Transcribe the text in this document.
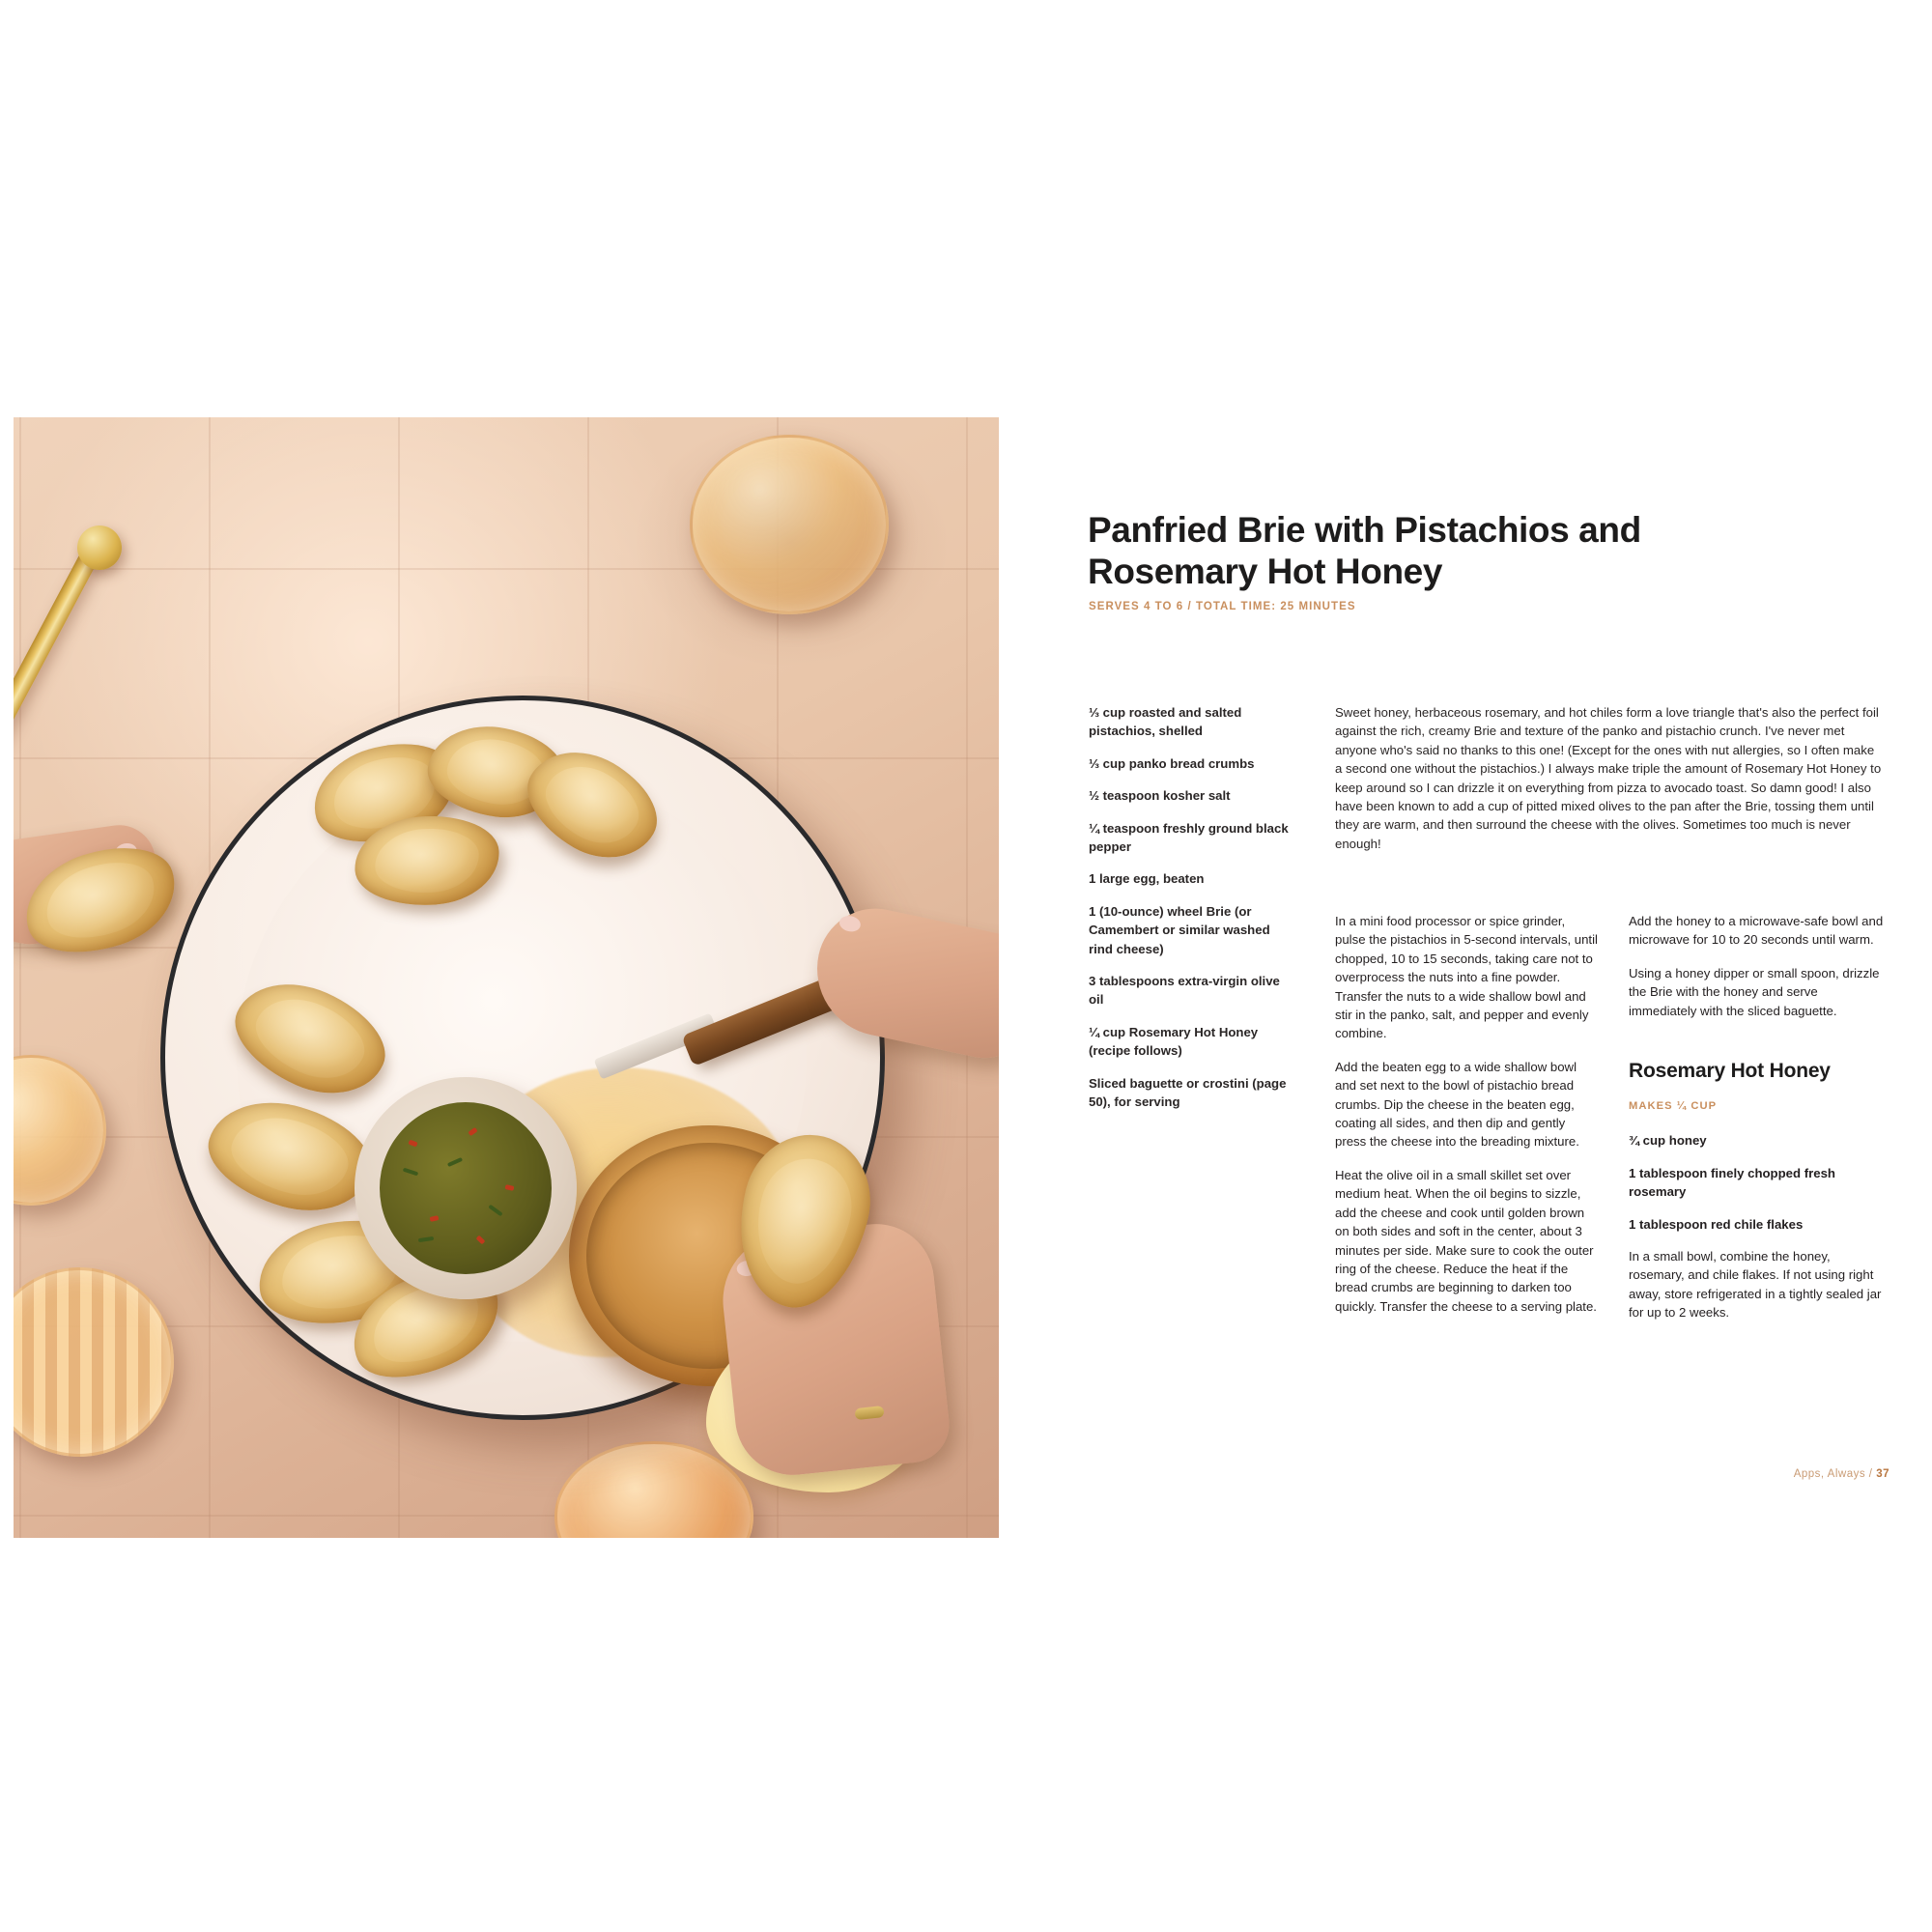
Panfried Brie with Pistachios and Rosemary Hot Honey
SERVES 4 TO 6 / TOTAL TIME: 25 MINUTES
⅓ cup roasted and salted pistachios, shelled
⅓ cup panko bread crumbs
½ teaspoon kosher salt
¼ teaspoon freshly ground black pepper
1 large egg, beaten
1 (10-ounce) wheel Brie (or Camembert or similar washed rind cheese)
3 tablespoons extra-virgin olive oil
¼ cup Rosemary Hot Honey (recipe follows)
Sliced baguette or crostini (page 50), for serving

Sweet honey, herbaceous rosemary, and hot chiles form a love triangle that's also the perfect foil against the rich, creamy Brie and texture of the panko and pistachio crunch. I've never met anyone who's said no thanks to this one! (Except for the ones with nut allergies, so I often make a second one without the pistachios.) I always make triple the amount of Rosemary Hot Honey to keep around so I can drizzle it on everything from pizza to avocado toast. So damn good! I also have been known to add a cup of pitted mixed olives to the pan after the Brie, tossing them until they are warm, and then surround the cheese with the olives. Sometimes too much is never enough!

In a mini food processor or spice grinder, pulse the pistachios in 5-second intervals, until chopped, 10 to 15 seconds, taking care not to overprocess the nuts into a fine powder. Transfer the nuts to a wide shallow bowl and stir in the panko, salt, and pepper and evenly combine.

Add the beaten egg to a wide shallow bowl and set next to the bowl of pistachio bread crumbs. Dip the cheese in the beaten egg, coating all sides, and then dip and gently press the cheese into the breading mixture.

Heat the olive oil in a small skillet set over medium heat. When the oil begins to sizzle, add the cheese and cook until golden brown on both sides and soft in the center, about 3 minutes per side. Make sure to cook the outer ring of the cheese. Reduce the heat if the bread crumbs are beginning to darken too quickly. Transfer the cheese to a serving plate.

Add the honey to a microwave-safe bowl and microwave for 10 to 20 seconds until warm.

Using a honey dipper or small spoon, drizzle the Brie with the honey and serve immediately with the sliced baguette.

Rosemary Hot Honey
MAKES ¼ CUP
¾ cup honey
1 tablespoon finely chopped fresh rosemary
1 tablespoon red chile flakes

In a small bowl, combine the honey, rosemary, and chile flakes. If not using right away, store refrigerated in a tightly sealed jar for up to 2 weeks.

Apps, Always / 37
